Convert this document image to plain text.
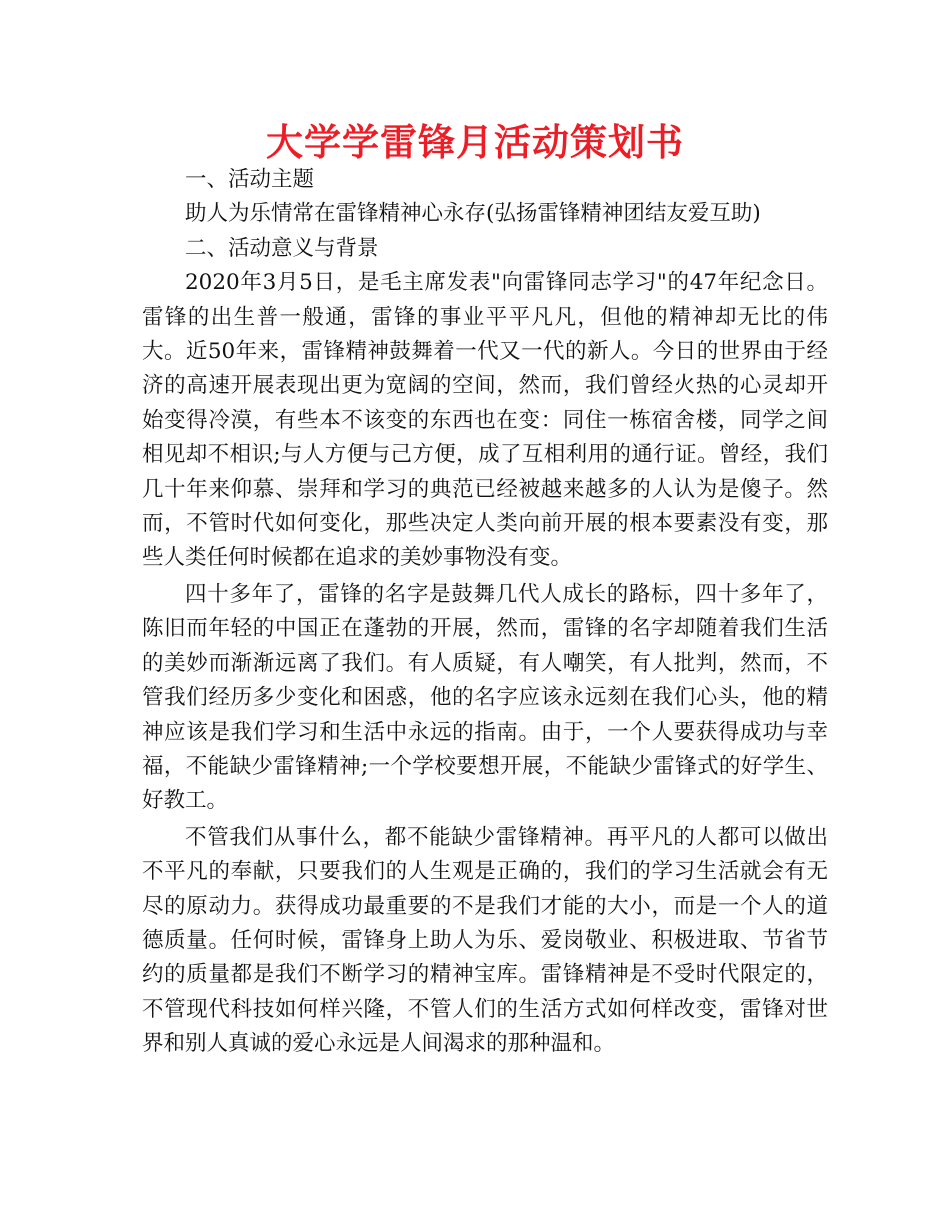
大学学雷锋月活动策划书

一、活动主题

助人为乐情常在雷锋精神心永存(弘扬雷锋精神团结友爱互助)

二、活动意义与背景

2020年3月5日，是毛主席发表"向雷锋同志学习"的47年纪念日。雷锋的出生普一般通，雷锋的事业平平凡凡，但他的精神却无比的伟大。近50年来，雷锋精神鼓舞着一代又一代的新人。今日的世界由于经济的高速开展表现出更为宽阔的空间，然而，我们曾经火热的心灵却开始变得冷漠，有些本不该变的东西也在变：同住一栋宿舍楼，同学之间相见却不相识;与人方便与己方便，成了互相利用的通行证。曾经，我们几十年来仰慕、崇拜和学习的典范已经被越来越多的人认为是傻子。然而，不管时代如何变化，那些决定人类向前开展的根本要素没有变，那些人类任何时候都在追求的美妙事物没有变。

四十多年了，雷锋的名字是鼓舞几代人成长的路标，四十多年了，陈旧而年轻的中国正在蓬勃的开展，然而，雷锋的名字却随着我们生活的美妙而渐渐远离了我们。有人质疑，有人嘲笑，有人批判，然而，不管我们经历多少变化和困惑，他的名字应该永远刻在我们心头，他的精神应该是我们学习和生活中永远的指南。由于，一个人要获得成功与幸福，不能缺少雷锋精神;一个学校要想开展，不能缺少雷锋式的好学生、好教工。

不管我们从事什么，都不能缺少雷锋精神。再平凡的人都可以做出不平凡的奉献，只要我们的人生观是正确的，我们的学习生活就会有无尽的原动力。获得成功最重要的不是我们才能的大小，而是一个人的道德质量。任何时候，雷锋身上助人为乐、爱岗敬业、积极进取、节省节约的质量都是我们不断学习的精神宝库。雷锋精神是不受时代限定的，不管现代科技如何样兴隆，不管人们的生活方式如何样改变，雷锋对世界和别人真诚的爱心永远是人间渴求的那种温和。
